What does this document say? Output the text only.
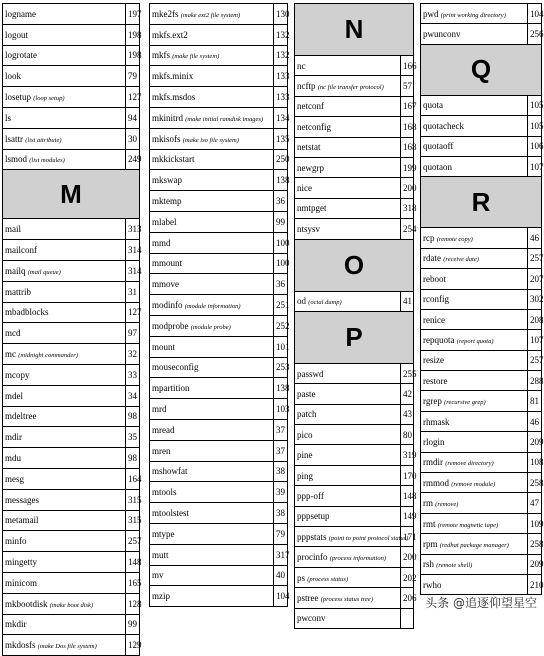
logname	197
logout	198
logrotate	198
look	79
losetup (loop setup)	127
ls	94
lsattr (list attribute)	30
lsmod (list modules)	249
M	
mail	313
mailconf	314
mailq (mail queue)	314
mattrib	31
mbadblocks	127
mcd	97
mc (midnight commander)	32
mcopy	33
mdel	34
mdeltree	98
mdir	35
mdu	98
mesg	164
messages	315
metamail	315
minfo	257
mingetty	148
minicom	165
mkbootdisk (make boot disk)	128
mkdir	99
mkdosfs (make Dos file system)	129
mke2fs (make ext2 file system)	130
mkfs.ext2	132
mkfs (make file system)	132
mkfs.minix	133
mkfs.msdos	133
mkinitrd (make initial ramdisk images)	134
mkisofs (make iso file system)	135
mkkickstart	250
mkswap	138
mktemp	36
mlabel	99
mmd	100
mmount	100
mmove	36
modinfo (module information)	251
modprobe (module probe)	252
mount	101
mouseconfig	253
mpartition	138
mrd	103
mread	37
mren	37
mshowfat	38
mtools	39
mtoolstest	38
mtype	79
mutt	317
mv	40
mzip	104
N	
nc	166
ncftp (nc file transfer protocol)	57
netconf	167
netconfig	168
netstat	168
newgrp	199
nice	200
nmtpget	318
ntsysv	254
O	
od (octal dump)	41
P	
passwd	255
paste	42
patch	43
pico	80
pine	319
ping	170
ppp-off	148
pppsetup	149
pppstats (point to point protocol status)	171
procinfo (process information)	200
ps (process status)	202
pstree (process status tree)	206
pwconv	
pwd (print working directory)	104
pwunconv	256
Q	
quota	105
quotacheck	105
quotaoff	106
quotaon	107
R	
rcp (remote copy)	46
rdate (receive date)	257
reboot	207
rconfig	302
renice	208
repquota (report quota)	107
resize	257
restore	288
rgrep (recursive grep)	81
rhmask	46
rlogin	209
rmdir (remove directory)	108
rmmod (remove module)	258
rm (remove)	47
rmt (remote magnetic tape)	109
rpm (redhat package manager)	258
rsh (remote shell)	209
rwho	210
头条 @追逐仰望星空
